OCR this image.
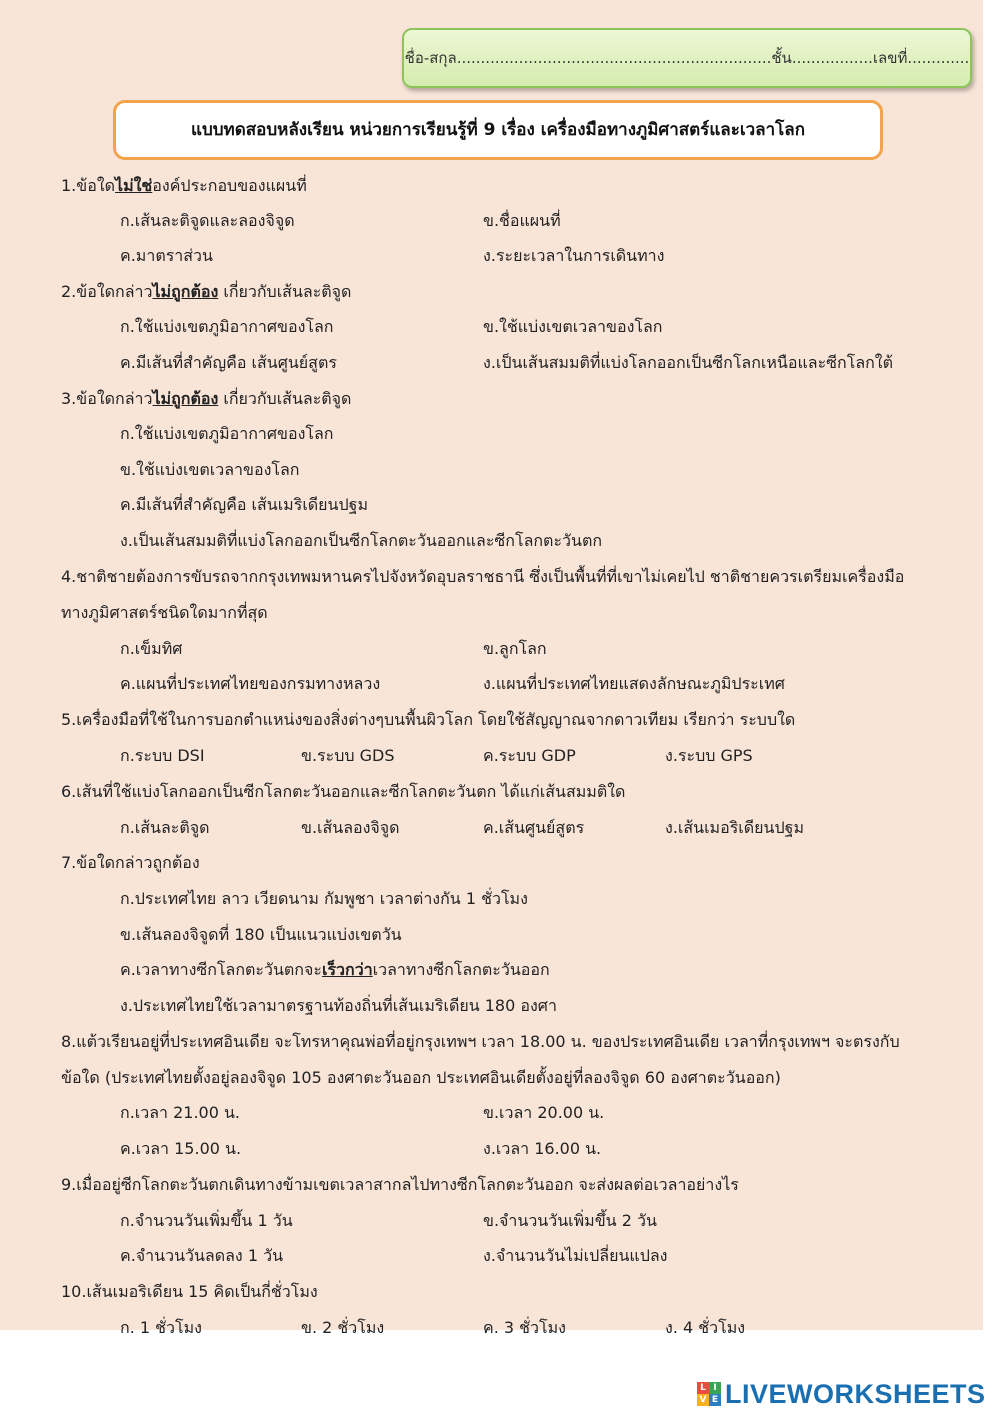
ชื่อ-สกุล..................................................................ชั้น.................เลขที่.............
แบบทดสอบหลังเรียน หน่วยการเรียนรู้ที่ 9 เรื่อง เครื่องมือทางภูมิศาสตร์และเวลาโลก
1.ข้อใดไม่ใช่องค์ประกอบของแผนที่
ก.เส้นละติจูดและลองจิจูด	ข.ชื่อแผนที่
ค.มาตราส่วน	ง.ระยะเวลาในการเดินทาง
2.ข้อใดกล่าวไม่ถูกต้อง เกี่ยวกับเส้นละติจูด
ก.ใช้แบ่งเขตภูมิอากาศของโลก	ข.ใช้แบ่งเขตเวลาของโลก
ค.มีเส้นที่สำคัญคือ เส้นศูนย์สูตร	ง.เป็นเส้นสมมติที่แบ่งโลกออกเป็นซีกโลกเหนือและซีกโลกใต้
3.ข้อใดกล่าวไม่ถูกต้อง เกี่ยวกับเส้นละติจูด
ก.ใช้แบ่งเขตภูมิอากาศของโลก
ข.ใช้แบ่งเขตเวลาของโลก
ค.มีเส้นที่สำคัญคือ เส้นเมริเดียนปฐม
ง.เป็นเส้นสมมติที่แบ่งโลกออกเป็นซีกโลกตะวันออกและซีกโลกตะวันตก
4.ชาติชายต้องการขับรถจากกรุงเทพมหานครไปจังหวัดอุบลราชธานี ซึ่งเป็นพื้นที่ที่เขาไม่เคยไป ชาติชายควรเตรียมเครื่องมือ
ทางภูมิศาสตร์ชนิดใดมากที่สุด
ก.เข็มทิศ	ข.ลูกโลก
ค.แผนที่ประเทศไทยของกรมทางหลวง	ง.แผนที่ประเทศไทยแสดงลักษณะภูมิประเทศ
5.เครื่องมือที่ใช้ในการบอกตำแหน่งของสิ่งต่างๆบนพื้นผิวโลก โดยใช้สัญญาณจากดาวเทียม เรียกว่า ระบบใด
ก.ระบบ DSI	ข.ระบบ GDS	ค.ระบบ GDP	ง.ระบบ GPS
6.เส้นที่ใช้แบ่งโลกออกเป็นซีกโลกตะวันออกและซีกโลกตะวันตก ได้แก่เส้นสมมติใด
ก.เส้นละติจูด	ข.เส้นลองจิจูด	ค.เส้นศูนย์สูตร	ง.เส้นเมอริเดียนปฐม
7.ข้อใดกล่าวถูกต้อง
ก.ประเทศไทย ลาว เวียดนาม กัมพูชา เวลาต่างกัน 1 ชั่วโมง
ข.เส้นลองจิจูดที่ 180 เป็นแนวแบ่งเขตวัน
ค.เวลาทางซีกโลกตะวันตกจะเร็วกว่าเวลาทางซีกโลกตะวันออก
ง.ประเทศไทยใช้เวลามาตรฐานท้องถิ่นที่เส้นเมริเดียน 180 องศา
8.แต้วเรียนอยู่ที่ประเทศอินเดีย จะโทรหาคุณพ่อที่อยู่กรุงเทพฯ เวลา 18.00 น. ของประเทศอินเดีย เวลาที่กรุงเทพฯ จะตรงกับ
ข้อใด (ประเทศไทยตั้งอยู่ลองจิจูด 105 องศาตะวันออก ประเทศอินเดียตั้งอยู่ที่ลองจิจูด 60 องศาตะวันออก)
ก.เวลา 21.00 น.	ข.เวลา 20.00 น.
ค.เวลา 15.00 น.	ง.เวลา 16.00 น.
9.เมื่ออยู่ซีกโลกตะวันตกเดินทางข้ามเขตเวลาสากลไปทางซีกโลกตะวันออก จะส่งผลต่อเวลาอย่างไร
ก.จำนวนวันเพิ่มขึ้น 1 วัน	ข.จำนวนวันเพิ่มขึ้น 2 วัน
ค.จำนวนวันลดลง 1 วัน	ง.จำนวนวันไม่เปลี่ยนแปลง
10.เส้นเมอริเดียน 15 คิดเป็นกี่ชั่วโมง
ก. 1 ชั่วโมง	ข. 2 ชั่วโมง	ค. 3 ชั่วโมง	ง. 4 ชั่วโมง
L I
V E LIVEWORKSHEETS
